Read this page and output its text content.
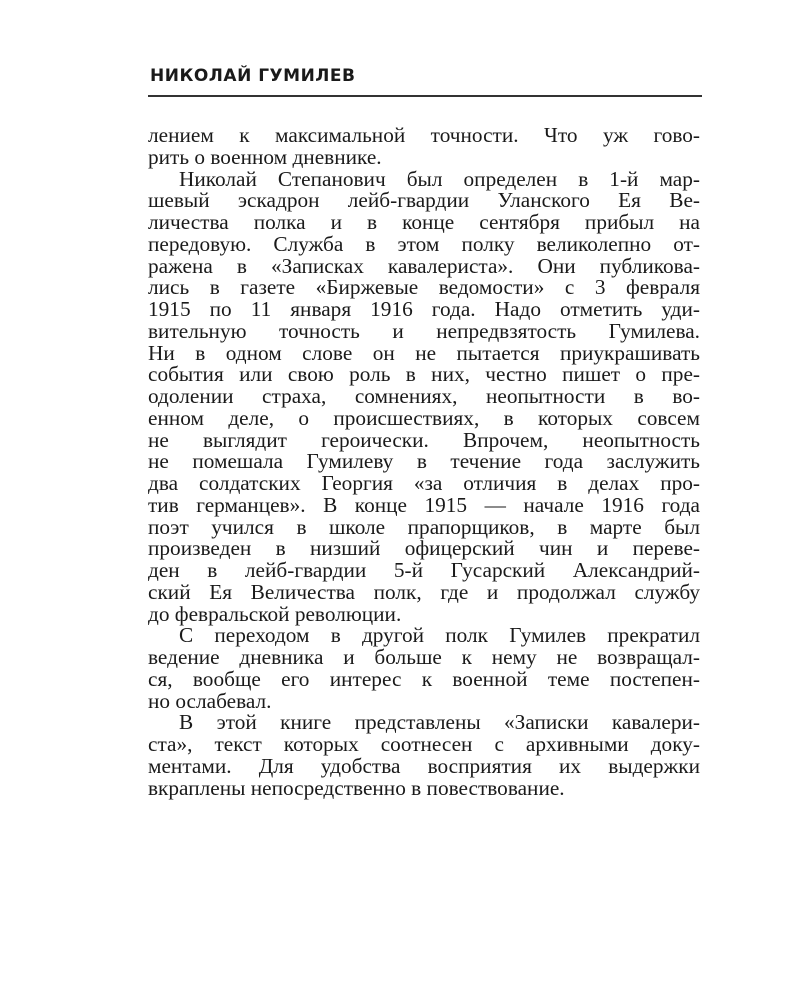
НИКОЛАЙ ГУМИЛЕВ
лением к максимальной точности. Что уж гово-
рить о военном дневнике.
Николай Степанович был определен в 1-й мар-
шевый эскадрон лейб-гвардии Уланского Ея Ве-
личества полка и в конце сентября прибыл на
передовую. Служба в этом полку великолепно от-
ражена в «Записках кавалериста». Они публикова-
лись в газете «Биржевые ведомости» с 3 февраля
1915 по 11 января 1916 года. Надо отметить уди-
вительную точность и непредвзятость Гумилева.
Ни в одном слове он не пытается приукрашивать
события или свою роль в них, честно пишет о пре-
одолении страха, сомнениях, неопытности в во-
енном деле, о происшествиях, в которых совсем
не выглядит героически. Впрочем, неопытность
не помешала Гумилеву в течение года заслужить
два солдатских Георгия «за отличия в делах про-
тив германцев». В конце 1915 — начале 1916 года
поэт учился в школе прапорщиков, в марте был
произведен в низший офицерский чин и переве-
ден в лейб-гвардии 5-й Гусарский Александрий-
ский Ея Величества полк, где и продолжал службу
до февральской революции.
С переходом в другой полк Гумилев прекратил
ведение дневника и больше к нему не возвращал-
ся, вообще его интерес к военной теме постепен-
но ослабевал.
В этой книге представлены «Записки кавалери-
ста», текст которых соотнесен с архивными доку-
ментами. Для удобства восприятия их выдержки
вкраплены непосредственно в повествование.
